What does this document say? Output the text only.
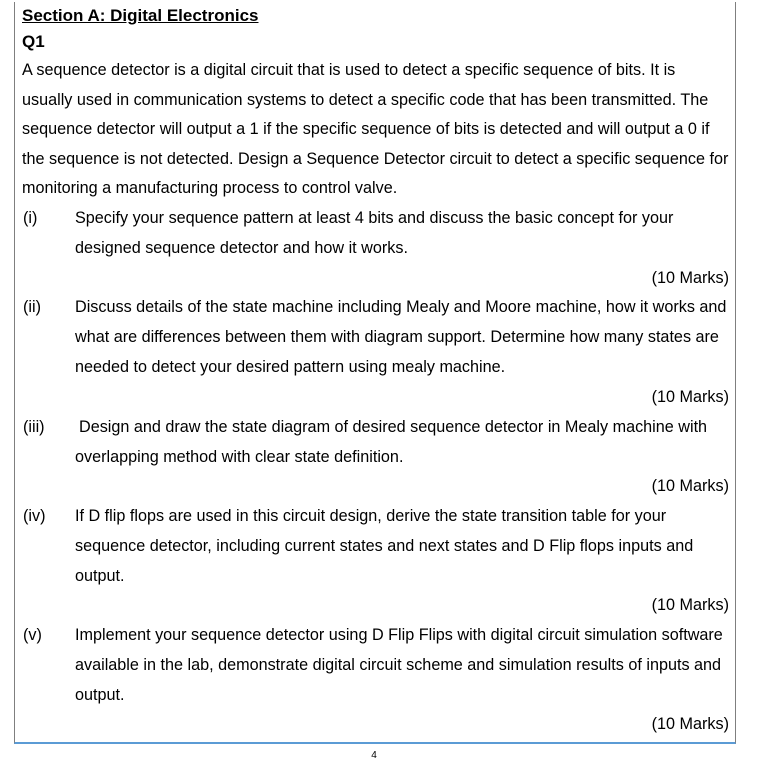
Section A: Digital Electronics
Q1
A sequence detector is a digital circuit that is used to detect a specific sequence of bits. It is usually used in communication systems to detect a specific code that has been transmitted. The sequence detector will output a 1 if the specific sequence of bits is detected and will output a 0 if the sequence is not detected. Design a Sequence Detector circuit to detect a specific sequence for monitoring a manufacturing process to control valve.
(i) Specify your sequence pattern at least 4 bits and discuss the basic concept for your designed sequence detector and how it works.
(10 Marks)
(ii) Discuss details of the state machine including Mealy and Moore machine, how it works and what are differences between them with diagram support. Determine how many states are needed to detect your desired pattern using mealy machine.
(10 Marks)
(iii) Design and draw the state diagram of desired sequence detector in Mealy machine with overlapping method with clear state definition.
(10 Marks)
(iv) If D flip flops are used in this circuit design, derive the state transition table for your sequence detector, including current states and next states and D Flip flops inputs and output.
(10 Marks)
(v) Implement your sequence detector using D Flip Flips with digital circuit simulation software available in the lab, demonstrate digital circuit scheme and simulation results of inputs and output.
(10 Marks)
4
